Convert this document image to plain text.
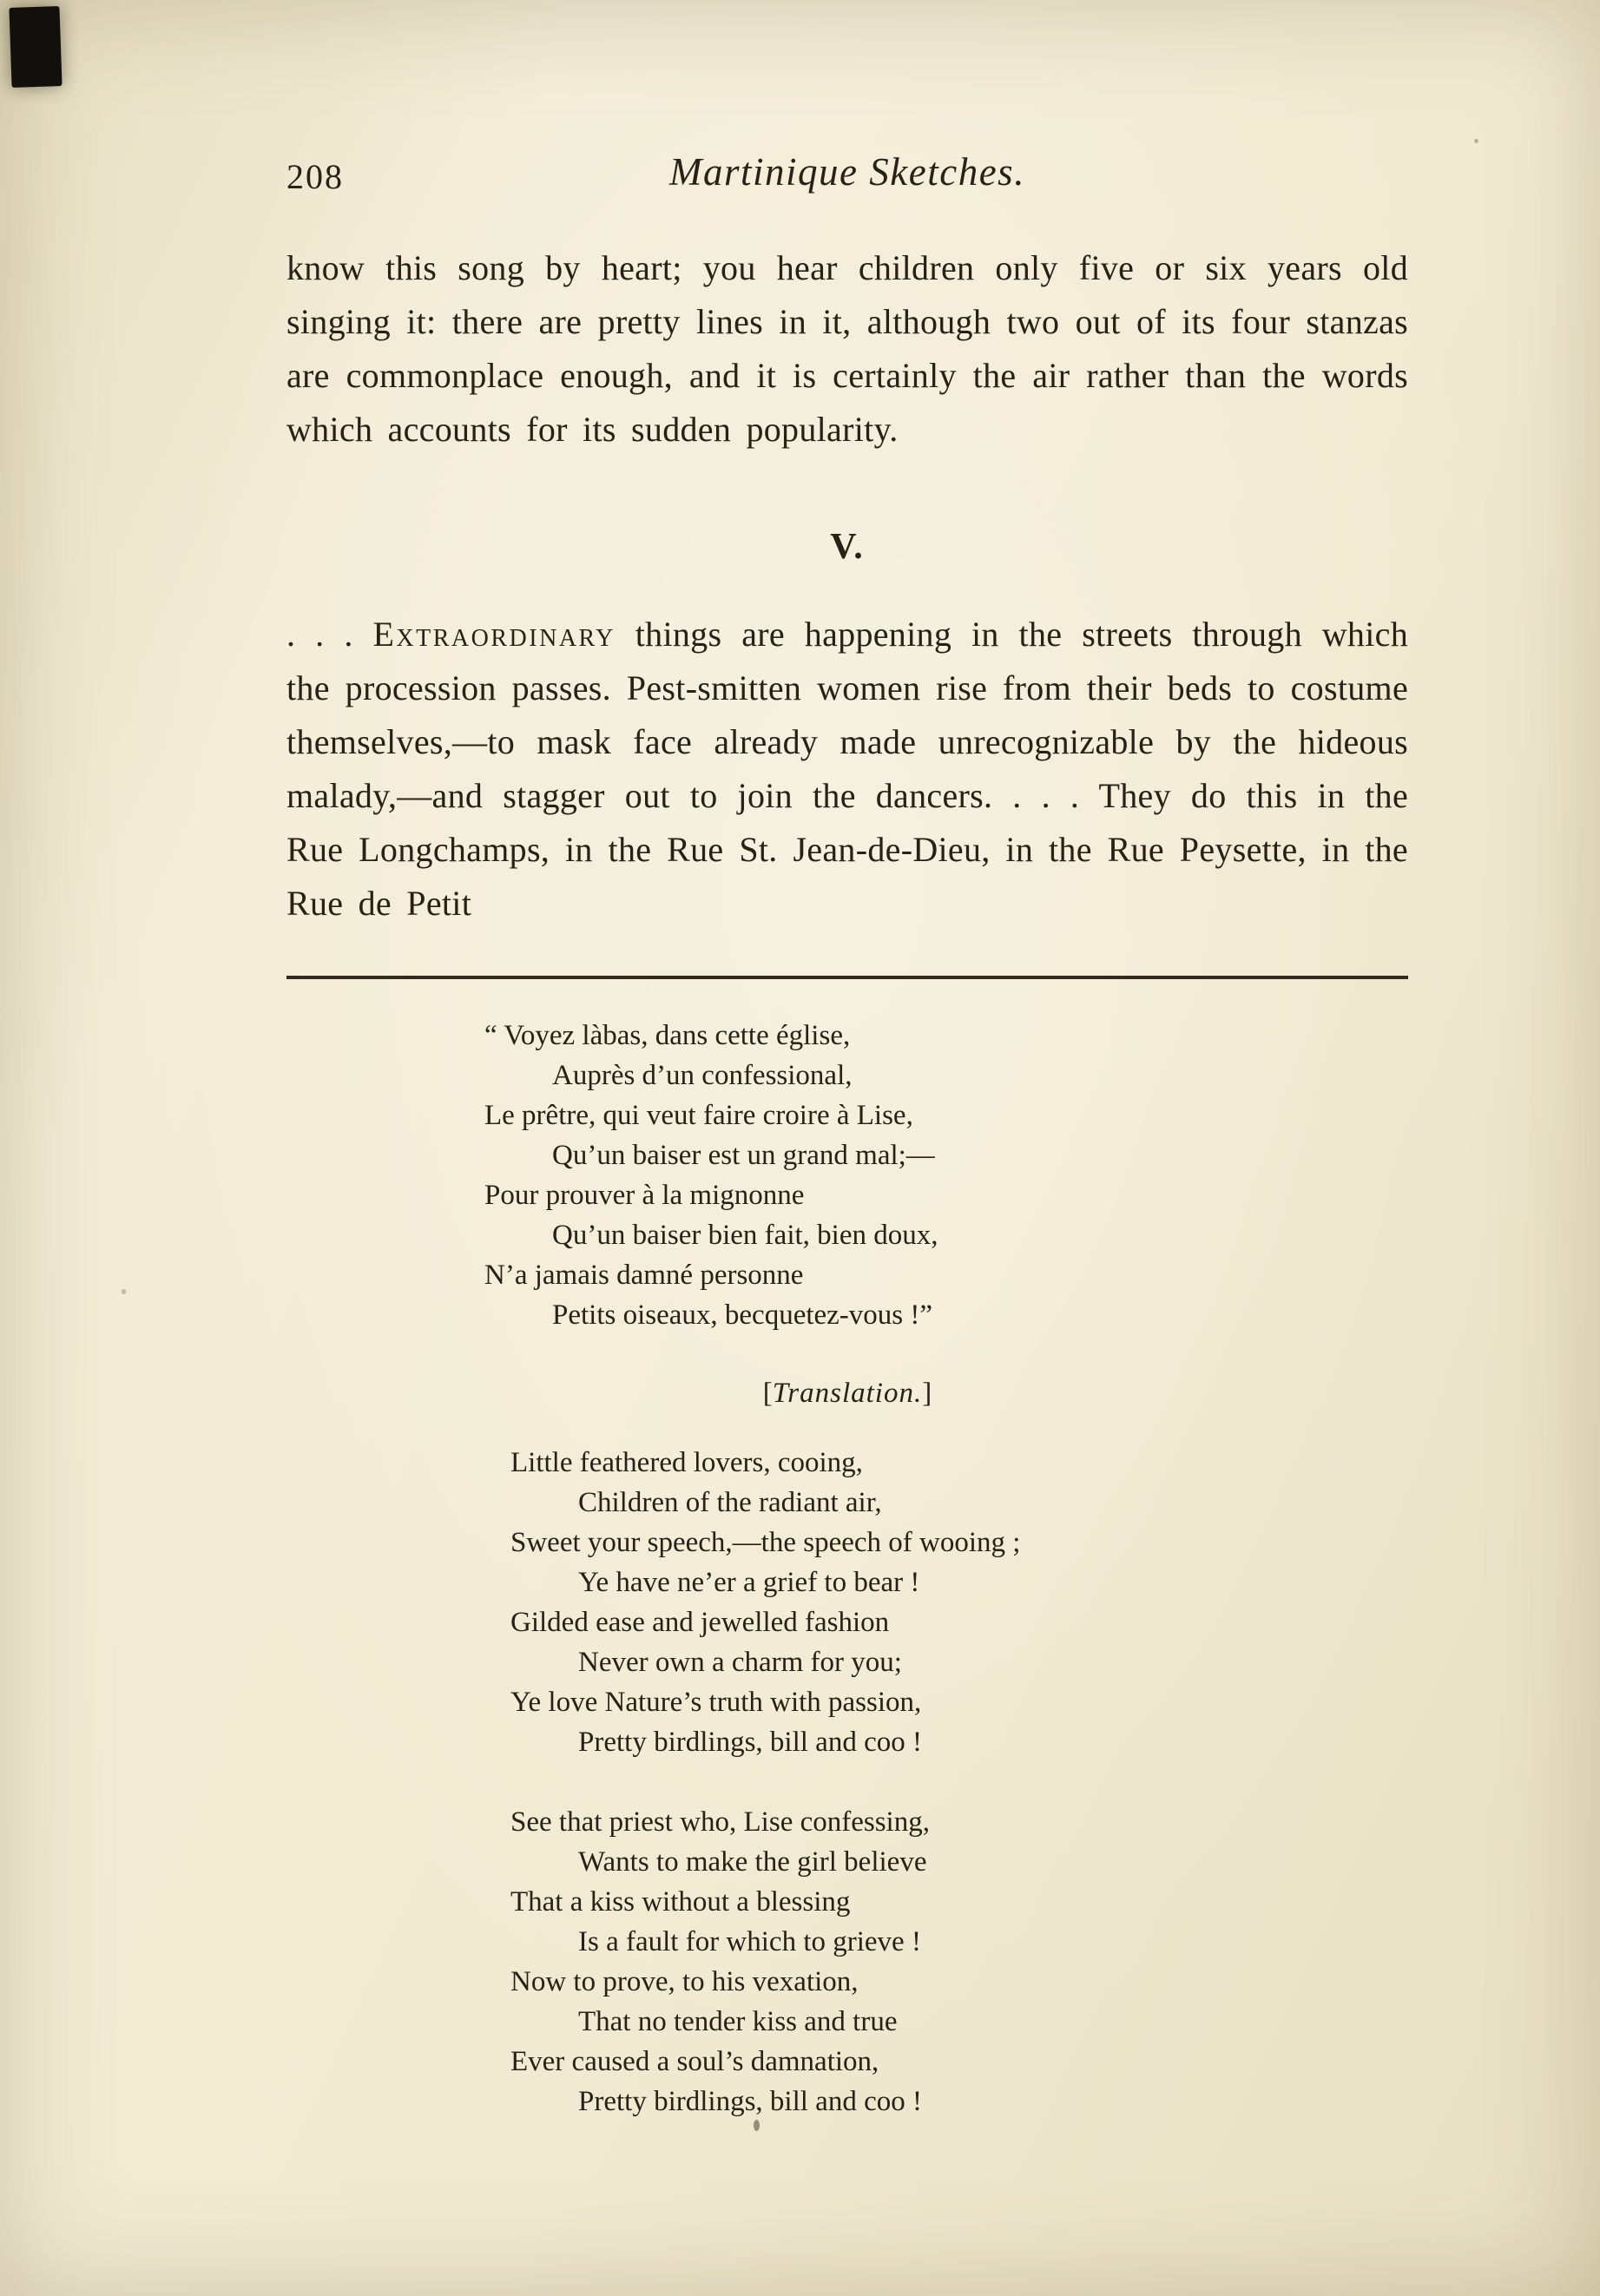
208	Martinique Sketches.

know this song by heart; you hear children only five or six years old singing it: there are pretty lines in it, although two out of its four stanzas are commonplace enough, and it is certainly the air rather than the words which accounts for its sudden popularity.

V.

. . . Extraordinary things are happening in the streets through which the procession passes. Pest-smitten women rise from their beds to costume themselves,—to mask face already made unrecognizable by the hideous malady,—and stagger out to join the dancers. . . . They do this in the Rue Longchamps, in the Rue St. Jean-de-Dieu, in the Rue Peysette, in the Rue de Petit

“ Voyez làbas, dans cette église,
Auprès d’un confessional,
Le prêtre, qui veut faire croire à Lise,
Qu’un baiser est un grand mal;—
Pour prouver à la mignonne
Qu’un baiser bien fait, bien doux,
N’a jamais damné personne
Petits oiseaux, becquetez-vous !”
[Translation.]
Little feathered lovers, cooing,
Children of the radiant air,
Sweet your speech,—the speech of wooing ;
Ye have ne’er a grief to bear !
Gilded ease and jewelled fashion
Never own a charm for you;
Ye love Nature’s truth with passion,
Pretty birdlings, bill and coo !
See that priest who, Lise confessing,
Wants to make the girl believe
That a kiss without a blessing
Is a fault for which to grieve !
Now to prove, to his vexation,
That no tender kiss and true
Ever caused a soul’s damnation,
Pretty birdlings, bill and coo !
